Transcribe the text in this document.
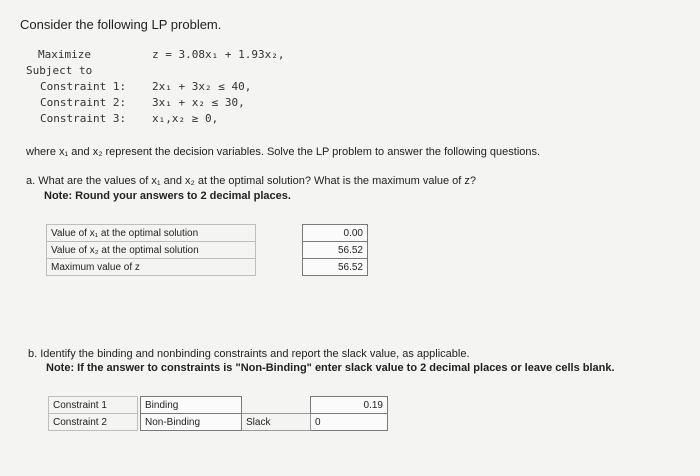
Consider the following LP problem.
Maximize	z = 3.08x₁ + 1.93x₂,
Subject to
Constraint 1: 2x₁ + 3x₂ ≤ 40,
Constraint 2: 3x₁ + x₂ ≤ 30,
Constraint 3: x₁,x₂ ≥ 0,
where x₁ and x₂ represent the decision variables. Solve the LP problem to answer the following questions.
a. What are the values of x₁ and x₂ at the optimal solution? What is the maximum value of z?
Note: Round your answers to 2 decimal places.
Value of x₁ at the optimal solution		0.00
Value of x₂ at the optimal solution		56.52
Maximum value of z		56.52
b. Identify the binding and nonbinding constraints and report the slack value, as applicable.
Note: If the answer to constraints is "Non-Binding" enter slack value to 2 decimal places or leave cells blank.
Constraint 1		Binding		0.19
Constraint 2		Non-Binding	Slack	0
